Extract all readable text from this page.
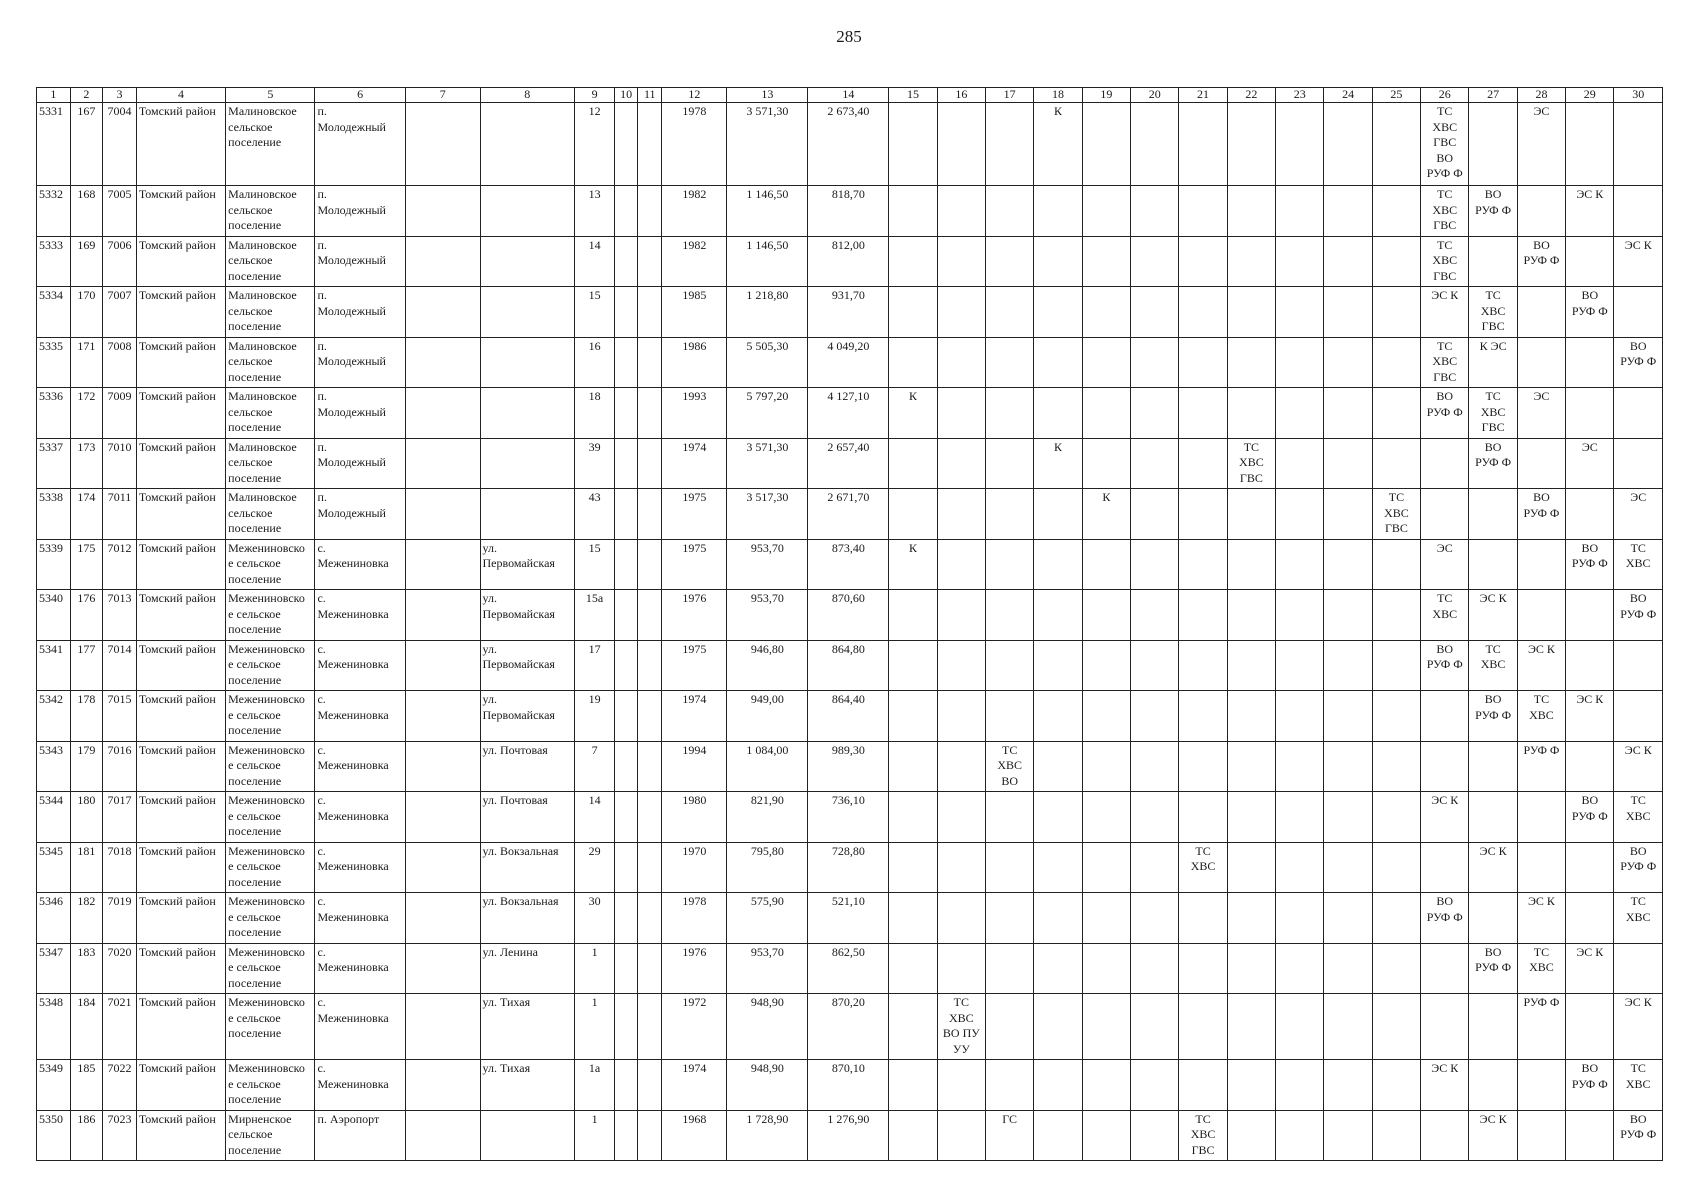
285
1	2	3	4	5	6	7	8	9	10	11	12	13	14	15	16	17	18	19	20	21	22	23	24	25	26	27	28	29	30

5331	167	7004	Томский район	Малиновское
сельское
поселение	п.
Молодежный			12			1978	3 571,30	2 673,40				К								ТС
ХВС
ГВС
ВО
РУФ Ф		ЭС		

5332	168	7005	Томский район	Малиновское
сельское
поселение	п.
Молодежный			13			1982	1 146,50	818,70												ТС
ХВС
ГВС	ВО
РУФ Ф		ЭС К	

5333	169	7006	Томский район	Малиновское
сельское
поселение	п.
Молодежный			14			1982	1 146,50	812,00												ТС
ХВС
ГВС		ВО
РУФ Ф		ЭС К

5334	170	7007	Томский район	Малиновское
сельское
поселение	п.
Молодежный			15			1985	1 218,80	931,70												ЭС К	ТС
ХВС
ГВС		ВО
РУФ Ф	

5335	171	7008	Томский район	Малиновское
сельское
поселение	п.
Молодежный			16			1986	5 505,30	4 049,20												ТС
ХВС
ГВС	К ЭС			ВО
РУФ Ф

5336	172	7009	Томский район	Малиновское
сельское
поселение	п.
Молодежный			18			1993	5 797,20	4 127,10	К											ВО
РУФ Ф	ТС
ХВС
ГВС	ЭС		

5337	173	7010	Томский район	Малиновское
сельское
поселение	п.
Молодежный			39			1974	3 571,30	2 657,40				К				ТС
ХВС
ГВС					ВО
РУФ Ф		ЭС	

5338	174	7011	Томский район	Малиновское
сельское
поселение	п.
Молодежный			43			1975	3 517,30	2 671,70					К						ТС
ХВС
ГВС			ВО
РУФ Ф		ЭС

5339	175	7012	Томский район	Межениновско
е сельское
поселение	с.
Межениновка		ул.
Первомайская	15			1975	953,70	873,40	К											ЭС			ВО
РУФ Ф	ТС
ХВС

5340	176	7013	Томский район	Межениновско
е сельское
поселение	с.
Межениновка		ул.
Первомайская	15а			1976	953,70	870,60												ТС
ХВС	ЭС К			ВО
РУФ Ф

5341	177	7014	Томский район	Межениновско
е сельское
поселение	с.
Межениновка		ул.
Первомайская	17			1975	946,80	864,80												ВО
РУФ Ф	ТС
ХВС	ЭС К		

5342	178	7015	Томский район	Межениновско
е сельское
поселение	с.
Межениновка		ул.
Первомайская	19			1974	949,00	864,40													ВО
РУФ Ф	ТС
ХВС	ЭС К	

5343	179	7016	Томский район	Межениновско
е сельское
поселение	с.
Межениновка		ул. Почтовая	7			1994	1 084,00	989,30			ТС
ХВС
ВО											РУФ Ф		ЭС К

5344	180	7017	Томский район	Межениновско
е сельское
поселение	с.
Межениновка		ул. Почтовая	14			1980	821,90	736,10												ЭС К			ВО
РУФ Ф	ТС
ХВС

5345	181	7018	Томский район	Межениновско
е сельское
поселение	с.
Межениновка		ул. Вокзальная	29			1970	795,80	728,80							ТС
ХВС						ЭС К			ВО
РУФ Ф

5346	182	7019	Томский район	Межениновско
е сельское
поселение	с.
Межениновка		ул. Вокзальная	30			1978	575,90	521,10												ВО
РУФ Ф		ЭС К		ТС
ХВС

5347	183	7020	Томский район	Межениновско
е сельское
поселение	с.
Межениновка		ул. Ленина	1			1976	953,70	862,50													ВО
РУФ Ф	ТС
ХВС	ЭС К	

5348	184	7021	Томский район	Межениновско
е сельское
поселение	с.
Межениновка		ул. Тихая	1			1972	948,90	870,20		ТС
ХВС
ВО ПУ
УУ												РУФ Ф		ЭС К

5349	185	7022	Томский район	Межениновско
е сельское
поселение	с.
Межениновка		ул. Тихая	1а			1974	948,90	870,10												ЭС К			ВО
РУФ Ф	ТС
ХВС

5350	186	7023	Томский район	Мирненское
сельское
поселение	п. Аэропорт			1			1968	1 728,90	1 276,90			ГС				ТС
ХВС
ГВС						ЭС К			ВО
РУФ Ф
